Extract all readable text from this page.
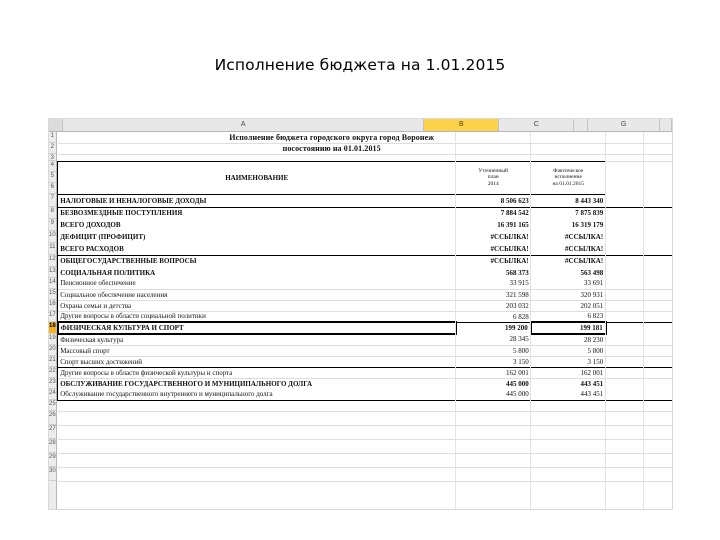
Исполнение бюджета на 1.01.2015
A	B	C	G
1
2
3
4
5
6
7
8
9
10
11
12
13
14
15
16
17
18
19
20
21
22
23
24
25
26
27
28
29
30
Исполнение бюджета городского округа город Воронеж					
посостоянию на 01.01.2015					

НАИМЕНОВАНИЕ	
Уточненный
план
2014

Фактическое
исполнение
на 01.01.2015

НАЛОГОВЫЕ И НЕНАЛОГОВЫЕ ДОХОДЫ	8 506 623	8 443 340			
БЕЗВОЗМЕЗДНЫЕ ПОСТУПЛЕНИЯ	7 884 542	7 875 839			
ВСЕГО ДОХОДОВ	16 391 165	16 319 179			
ДЕФИЦИТ (ПРОФИЦИТ)	#ССЫЛКА!	#ССЫЛКА!			
ВСЕГО РАСХОДОВ	#ССЫЛКА!	#ССЫЛКА!			
ОБЩЕГОСУДАРСТВЕННЫЕ ВОПРОСЫ	#ССЫЛКА!	#ССЫЛКА!			
СОЦИАЛЬНАЯ ПОЛИТИКА	568 373	563 498			
Пенсионное обеспечение	33 915	33 691			
Социальное обеспечение населения	321 598	320 931			
Охрана семьи и детства	203 032	202 051			
Другие вопросы в области социальной политики	6 828	6 823			
ФИЗИЧЕСКАЯ КУЛЬТУРА И СПОРТ	199 200	199 181			
Физическая культура	28 345	28 230			
Массовый спорт	5 800	5 800			
Спорт высших достижений	3 150	3 150			
Другие вопросы в области физической культуры и спорта	162 001	162 001			
ОБСЛУЖИВАНИЕ ГОСУДАРСТВЕННОГО И МУНИЦИПАЛЬНОГО ДОЛГА	445 000	443 451			
Обслуживание государственного внутреннего и муниципального долга	445 000	443 451			
